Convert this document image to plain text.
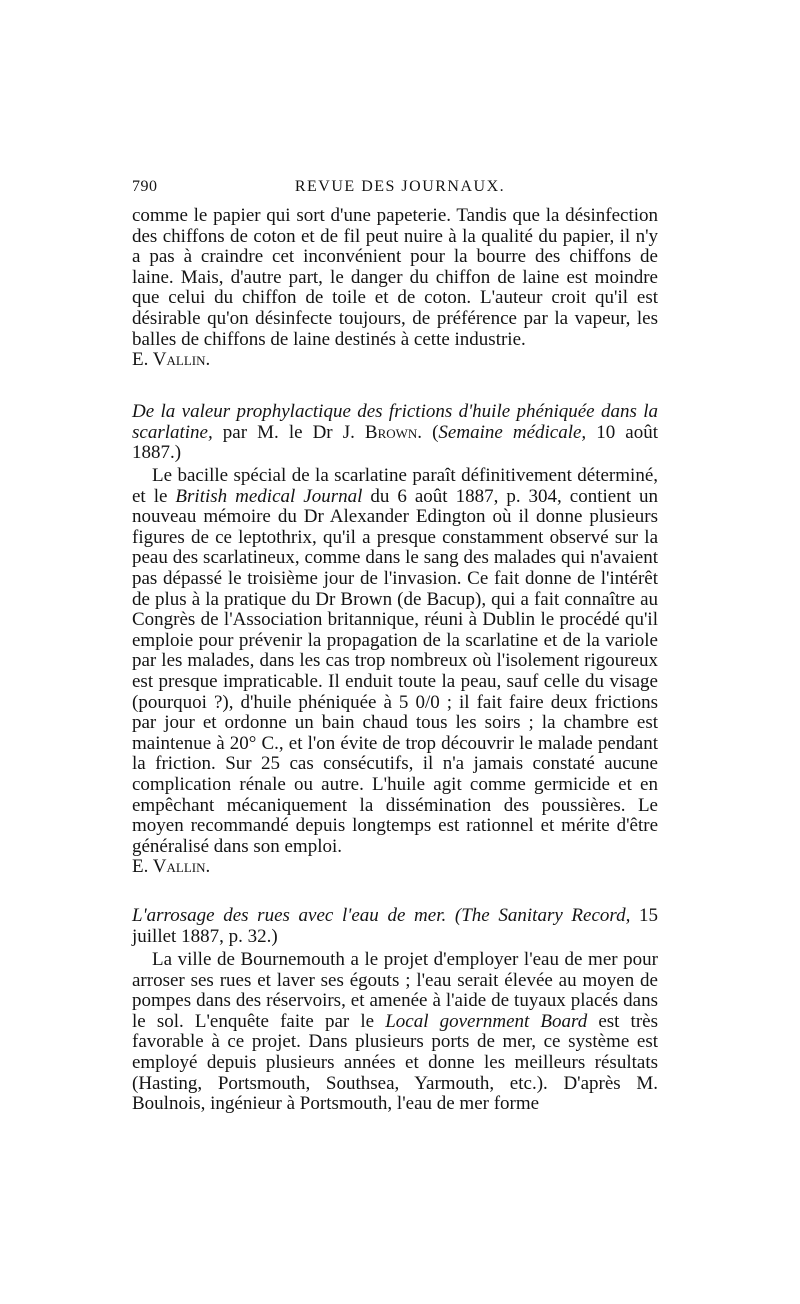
790	REVUE DES JOURNAUX.

comme le papier qui sort d'une papeterie. Tandis que la désinfection des chiffons de coton et de fil peut nuire à la qualité du papier, il n'y a pas à craindre cet inconvénient pour la bourre des chiffons de laine. Mais, d'autre part, le danger du chiffon de laine est moindre que celui du chiffon de toile et de coton. L'auteur croit qu'il est désirable qu'on désinfecte toujours, de préférence par la vapeur, les balles de chiffons de laine destinés à cette industrie.

E. Vallin.

De la valeur prophylactique des frictions d'huile phéniquée dans la scarlatine, par M. le Dr J. Brown. (Semaine médicale, 10 août 1887.)

Le bacille spécial de la scarlatine paraît définitivement déterminé, et le British medical Journal du 6 août 1887, p. 304, contient un nouveau mémoire du Dr Alexander Edington où il donne plusieurs figures de ce leptothrix, qu'il a presque constamment observé sur la peau des scarlatineux, comme dans le sang des malades qui n'avaient pas dépassé le troisième jour de l'invasion. Ce fait donne de l'intérêt de plus à la pratique du Dr Brown (de Bacup), qui a fait connaître au Congrès de l'Association britannique, réuni à Dublin le procédé qu'il emploie pour prévenir la propagation de la scarlatine et de la variole par les malades, dans les cas trop nombreux où l'isolement rigoureux est presque impraticable. Il enduit toute la peau, sauf celle du visage (pourquoi ?), d'huile phéniquée à 5 0/0 ; il fait faire deux frictions par jour et ordonne un bain chaud tous les soirs ; la chambre est maintenue à 20° C., et l'on évite de trop découvrir le malade pendant la friction. Sur 25 cas consécutifs, il n'a jamais constaté aucune complication rénale ou autre. L'huile agit comme germicide et en empêchant mécaniquement la dissémination des poussières. Le moyen recommandé depuis longtemps est rationnel et mérite d'être généralisé dans son emploi.

E. Vallin.

L'arrosage des rues avec l'eau de mer. (The Sanitary Record, 15 juillet 1887, p. 32.)

La ville de Bournemouth a le projet d'employer l'eau de mer pour arroser ses rues et laver ses égouts ; l'eau serait élevée au moyen de pompes dans des réservoirs, et amenée à l'aide de tuyaux placés dans le sol. L'enquête faite par le Local government Board est très favorable à ce projet. Dans plusieurs ports de mer, ce système est employé depuis plusieurs années et donne les meilleurs résultats (Hasting, Portsmouth, Southsea, Yarmouth, etc.). D'après M. Boulnois, ingénieur à Portsmouth, l'eau de mer forme
